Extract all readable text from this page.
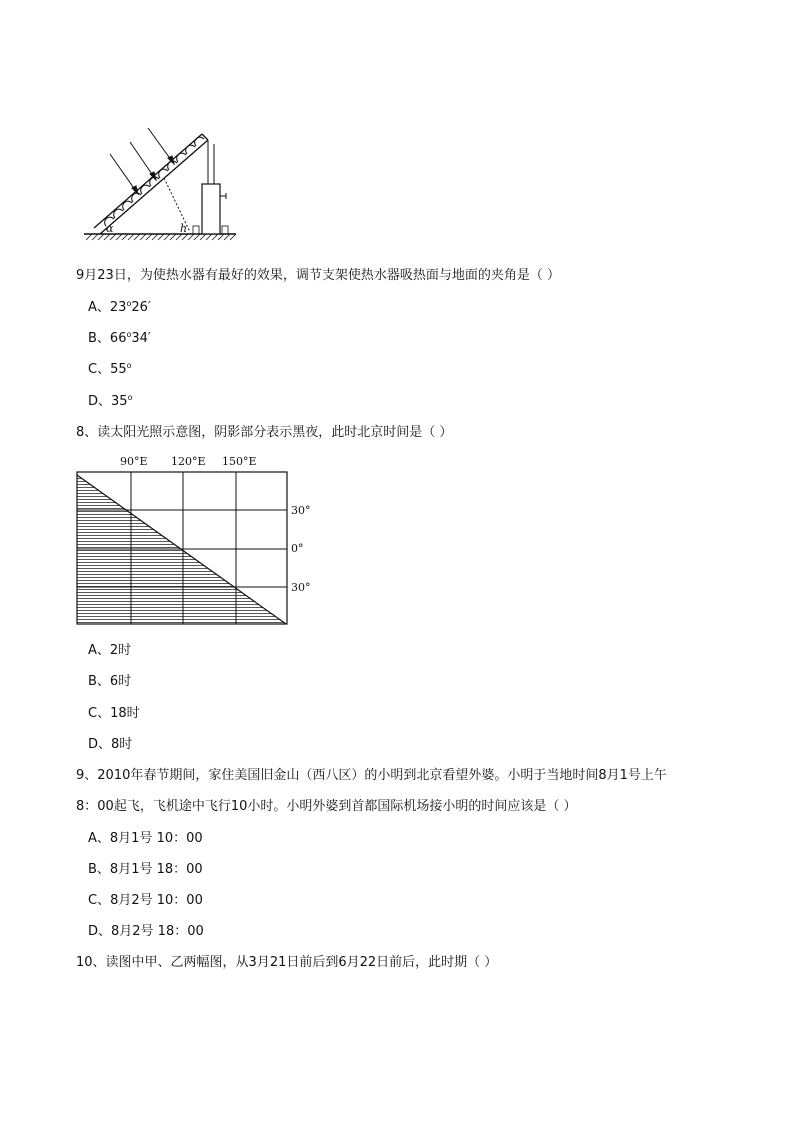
α	h
9月23日，为使热水器有最好的效果，调节支架使热水器吸热面与地面的夹角是（ ）
A、23$^o$26′
B、66$^o$34′
C、55$^o$
D、35$^o$
8、读太阳光照示意图，阴影部分表示黑夜，此时北京时间是（ ）
90°E 120°E 150°E
30°
0°
30°
A、2时
B、6时
C、18时
D、8时
9、2010年春节期间，家住美国旧金山（西八区）的小明到北京看望外婆。小明于当地时间8月1号上午
8：00起飞，飞机途中飞行10小时。小明外婆到首都国际机场接小明的时间应该是（ ）
A、8月1号 10：00
B、8月1号 18：00
C、8月2号 10：00
D、8月2号 18：00
10、读图中甲、乙两幅图，从3月21日前后到6月22日前后，此时期（ ）
